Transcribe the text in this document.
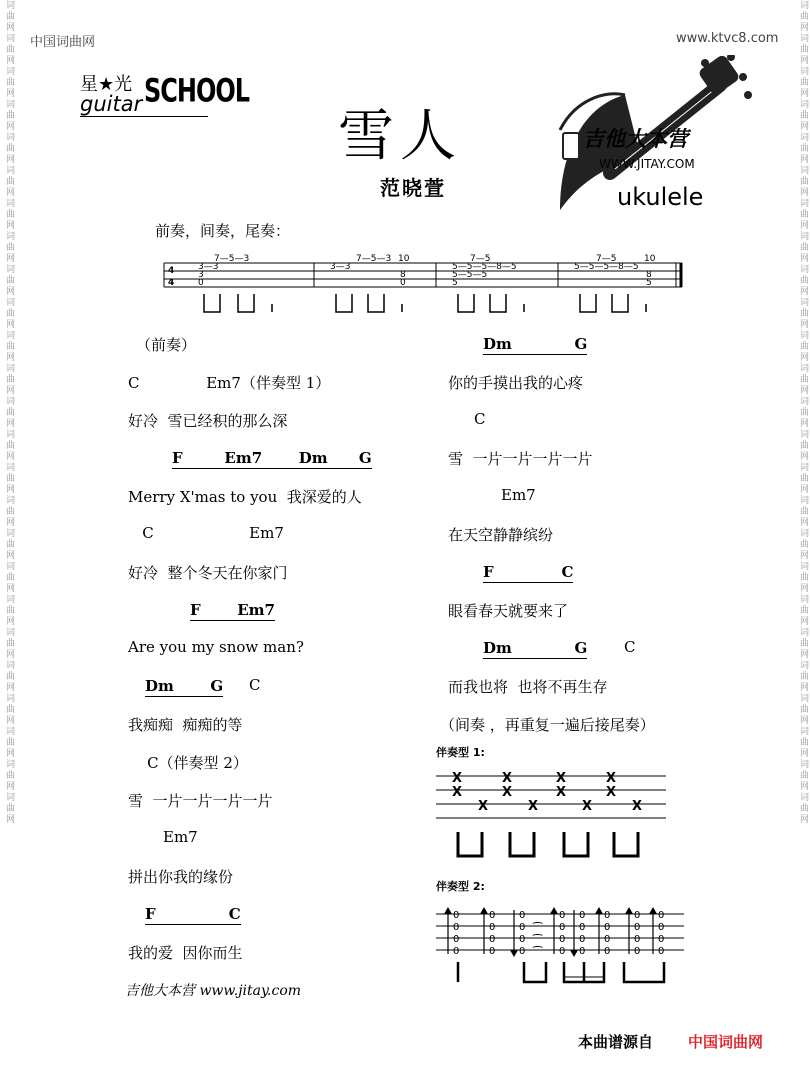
词曲网词曲网词曲网词曲网词曲网词曲网词曲网词曲网词曲网词曲网词曲网词曲网词曲网词曲网词曲网词曲网词曲网词曲网词曲网词曲网词曲网词曲网词曲网词曲网词曲网	词曲网词曲网词曲网词曲网词曲网词曲网词曲网词曲网词曲网词曲网词曲网词曲网词曲网词曲网词曲网词曲网词曲网词曲网词曲网词曲网词曲网词曲网词曲网词曲网词曲网
中国词曲网	www.ktvc8.com
星★光
guitar SCHOOL
雪人
范晓萱
吉他大本营
WWW.JITAY.COM
ukulele
前奏，间奏，尾奏：
4
4
7—5—3
3—3
3
0
7—5—3
3—3
10
8
0
7—5
5—5—5—8—5
5—5—5
5
7—5
5—5—5—8—5
10
8
5
（前奏）
C              Em7（伴奏型 1）
好冷  雪已经积的那么深
F        Em7       Dm      G
Merry X'mas to you  我深爱的人
C                    Em7
好冷  整个冬天在你家门
F       Em7
Are you my snow man?
Dm       G C
我痴痴  痴痴的等
C（伴奏型 2）
雪  一片一片一片一片
Em7
拼出你我的缘份
F              C
我的爱  因你而生
Dm            G
你的手摸出我的心疼
C
雪  一片一片一片一片
Em7
在天空静静缤纷
F             C
眼看春天就要来了
Dm            G C
而我也将  也将不再生存
（间奏 ，再重复一遍后接尾奏）
伴奏型 1:
X
X
X
X
X
X
X
X
X
X
X
X
伴奏型 2:
0
0
0
0
0
0
0
0
0
0
0
0
0
0
0
0
0
0
0
0
0
0
0
0
0
0
0
0
0
0
0
0
⁀
⁀
⁀
吉他大本营 www.jitay.com
本曲谱源自 中国词曲网
